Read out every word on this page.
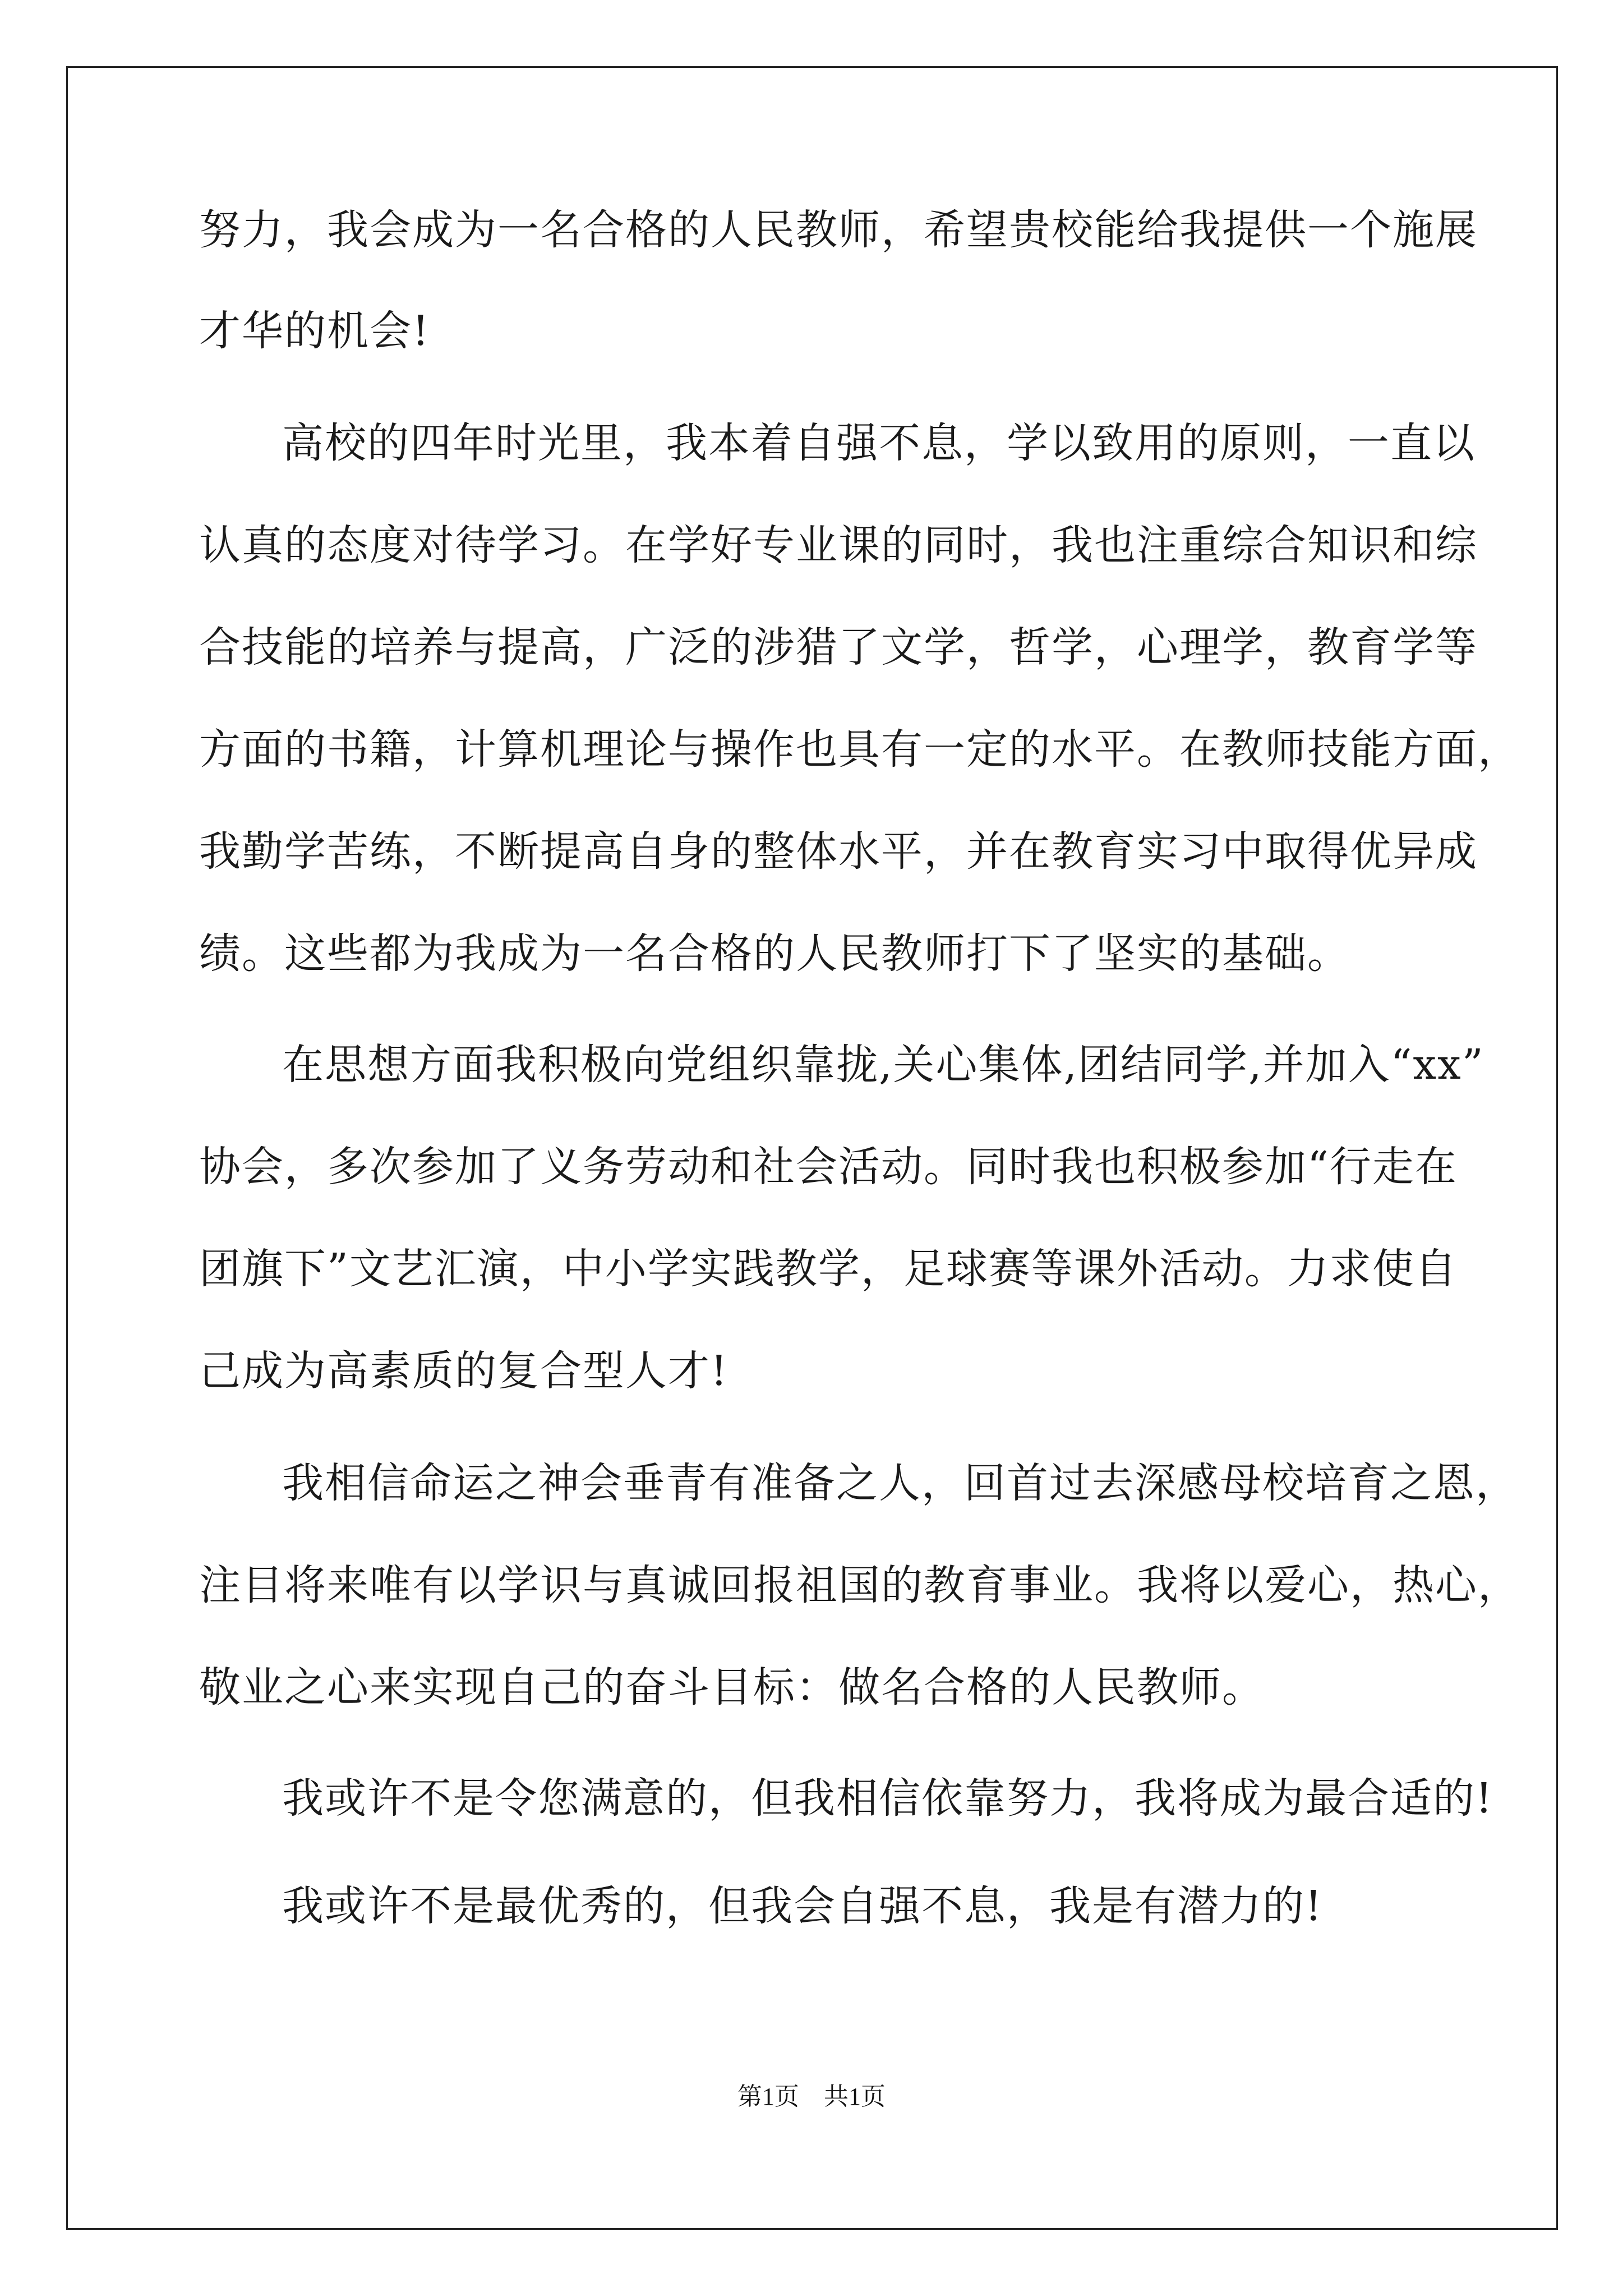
努力，我会成为一名合格的人民教师，希望贵校能给我提供一个施展
才华的机会!
高校的四年时光里，我本着自强不息，学以致用的原则，一直以
认真的态度对待学习。在学好专业课的同时，我也注重综合知识和综
合技能的培养与提高，广泛的涉猎了文学，哲学，心理学，教育学等
方面的书籍，计算机理论与操作也具有一定的水平。在教师技能方面，
我勤学苦练，不断提高自身的整体水平，并在教育实习中取得优异成
绩。这些都为我成为一名合格的人民教师打下了坚实的基础。
在思想方面我积极向党组织靠拢,关心集体,团结同学,并加入“xx”
协会，多次参加了义务劳动和社会活动。同时我也积极参加“行走在
团旗下”文艺汇演，中小学实践教学，足球赛等课外活动。力求使自
己成为高素质的复合型人才!
我相信命运之神会垂青有准备之人，回首过去深感母校培育之恩，
注目将来唯有以学识与真诚回报祖国的教育事业。我将以爱心，热心，
敬业之心来实现自己的奋斗目标：做名合格的人民教师。
我或许不是令您满意的，但我相信依靠努力，我将成为最合适的!
我或许不是最优秀的，但我会自强不息，我是有潜力的!
第1页　共1页
